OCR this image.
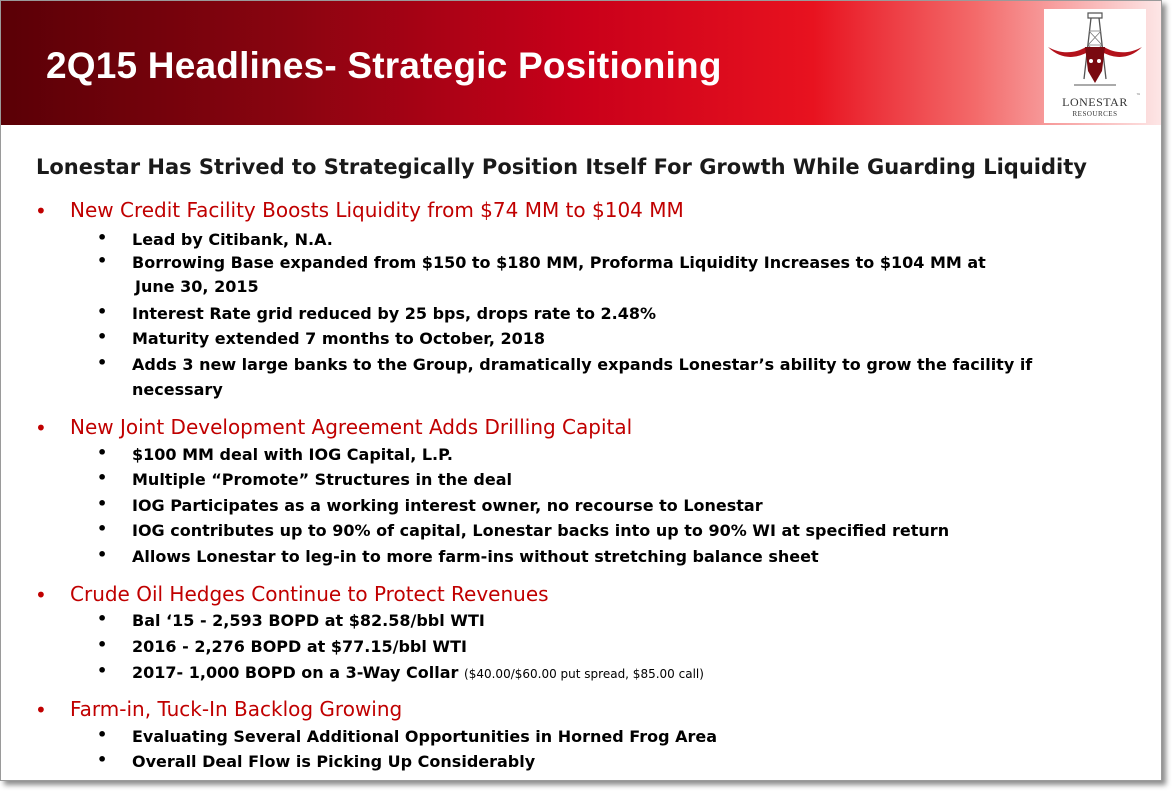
2Q15 Headlines- Strategic Positioning
LONESTAR
RESOURCES
™
Lonestar Has Strived to Strategically Position Itself For Growth While Guarding Liquidity
• New Credit Facility Boosts Liquidity from $74 MM to $104 MM
• Lead by Citibank, N.A.
• Borrowing Base expanded from $150 to $180 MM, Proforma Liquidity Increases to $104 MM at
June 30, 2015
• Interest Rate grid reduced by 25 bps, drops rate to 2.48%
• Maturity extended 7 months to October, 2018
• Adds 3 new large banks to the Group, dramatically expands Lonestar’s ability to grow the facility if
necessary
• New Joint Development Agreement Adds Drilling Capital
• $100 MM deal with IOG Capital, L.P.
• Multiple “Promote” Structures in the deal
• IOG Participates as a working interest owner, no recourse to Lonestar
• IOG contributes up to 90% of capital, Lonestar backs into up to 90% WI at specified return
• Allows Lonestar to leg-in to more farm-ins without stretching balance sheet
• Crude Oil Hedges Continue to Protect Revenues
• Bal ‘15 - 2,593 BOPD at $82.58/bbl WTI
• 2016 - 2,276 BOPD at $77.15/bbl WTI
• 2017- 1,000 BOPD on a 3-Way Collar ($40.00/$60.00 put spread, $85.00 call)
• Farm-in, Tuck-In Backlog Growing
• Evaluating Several Additional Opportunities in Horned Frog Area
• Overall Deal Flow is Picking Up Considerably
